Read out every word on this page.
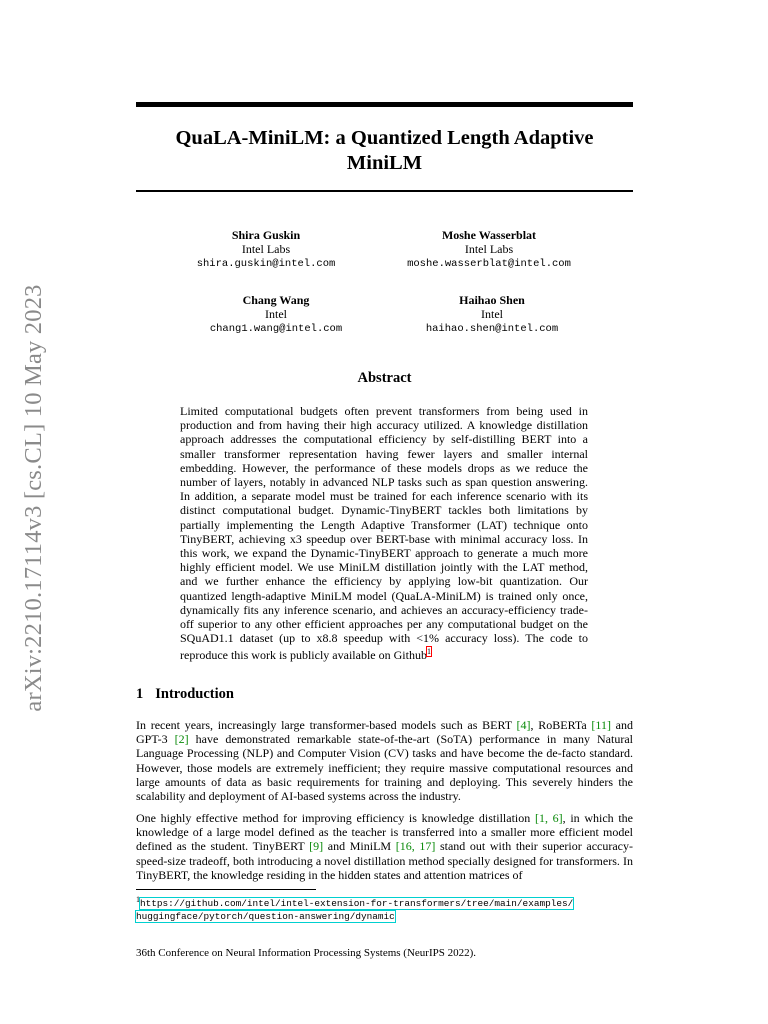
arXiv:2210.17114v3 [cs.CL] 10 May 2023
QuaLA-MiniLM: a Quantized Length Adaptive MiniLM
Shira Guskin
Intel Labs
shira.guskin@intel.com
Moshe Wasserblat
Intel Labs
moshe.wasserblat@intel.com
Chang Wang
Intel
chang1.wang@intel.com
Haihao Shen
Intel
haihao.shen@intel.com
Abstract

Limited computational budgets often prevent transformers from being used in production and from having their high accuracy utilized. A knowledge distillation approach addresses the computational efficiency by self-distilling BERT into a smaller transformer representation having fewer layers and smaller internal embedding. However, the performance of these models drops as we reduce the number of layers, notably in advanced NLP tasks such as span question answering. In addition, a separate model must be trained for each inference scenario with its distinct computational budget. Dynamic-TinyBERT tackles both limitations by partially implementing the Length Adaptive Transformer (LAT) technique onto TinyBERT, achieving x3 speedup over BERT-base with minimal accuracy loss. In this work, we expand the Dynamic-TinyBERT approach to generate a much more highly efficient model. We use MiniLM distillation jointly with the LAT method, and we further enhance the efficiency by applying low-bit quantization. Our quantized length-adaptive MiniLM model (QuaLA-MiniLM) is trained only once, dynamically fits any inference scenario, and achieves an accuracy-efficiency trade-off superior to any other efficient approaches per any computational budget on the SQuAD1.1 dataset (up to x8.8 speedup with <1% accuracy loss). The code to reproduce this work is publicly available on Github$^1$

1 Introduction

In recent years, increasingly large transformer-based models such as BERT [4], RoBERTa [11] and GPT-3 [2] have demonstrated remarkable state-of-the-art (SoTA) performance in many Natural Language Processing (NLP) and Computer Vision (CV) tasks and have become the de-facto standard. However, those models are extremely inefficient; they require massive computational resources and large amounts of data as basic requirements for training and deploying. This severely hinders the scalability and deployment of AI-based systems across the industry.

One highly effective method for improving efficiency is knowledge distillation [1, 6], in which the knowledge of a large model defined as the teacher is transferred into a smaller more efficient model defined as the student. TinyBERT [9] and MiniLM [16, 17] stand out with their superior accuracy-speed-size tradeoff, both introducing a novel distillation method specially designed for transformers. In TinyBERT, the knowledge residing in the hidden states and attention matrices of

$^1$https://github.com/intel/intel-extension-for-transformers/tree/main/examples/
huggingface/pytorch/question-answering/dynamic
36th Conference on Neural Information Processing Systems (NeurIPS 2022).
